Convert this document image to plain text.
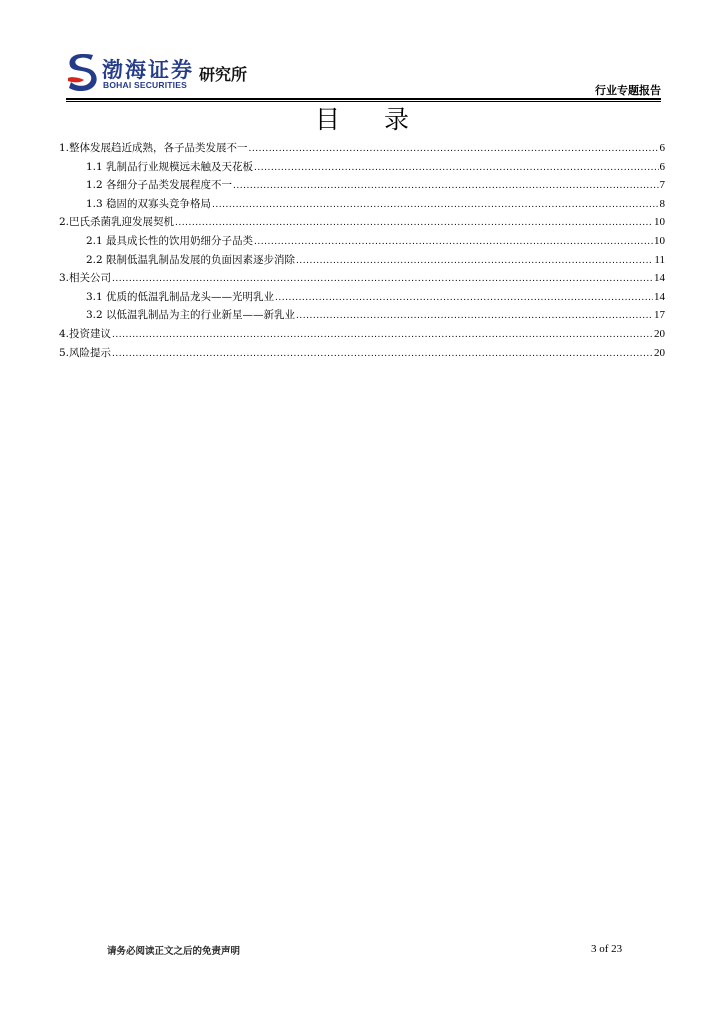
渤海证券
BOHAI SECURITIES
研究所
行业专题报告
目 录
1.整体发展趋近成熟，各子品类发展不一 .....	6
1.1 乳制品行业规模远未触及天花板 .....	6
1.2 各细分子品类发展程度不一 .....	7
1.3 稳固的双寡头竞争格局 .....	8
2.巴氏杀菌乳迎发展契机 .....	10
2.1 最具成长性的饮用奶细分子品类 .....	10
2.2 限制低温乳制品发展的负面因素逐步消除 .....	11
3.相关公司 .....	14
3.1 优质的低温乳制品龙头——光明乳业 .....	14
3.2 以低温乳制品为主的行业新星——新乳业 .....	17
4.投资建议 .....	20
5.风险提示 .....	20
请务必阅读正文之后的免责声明	3 of 23
